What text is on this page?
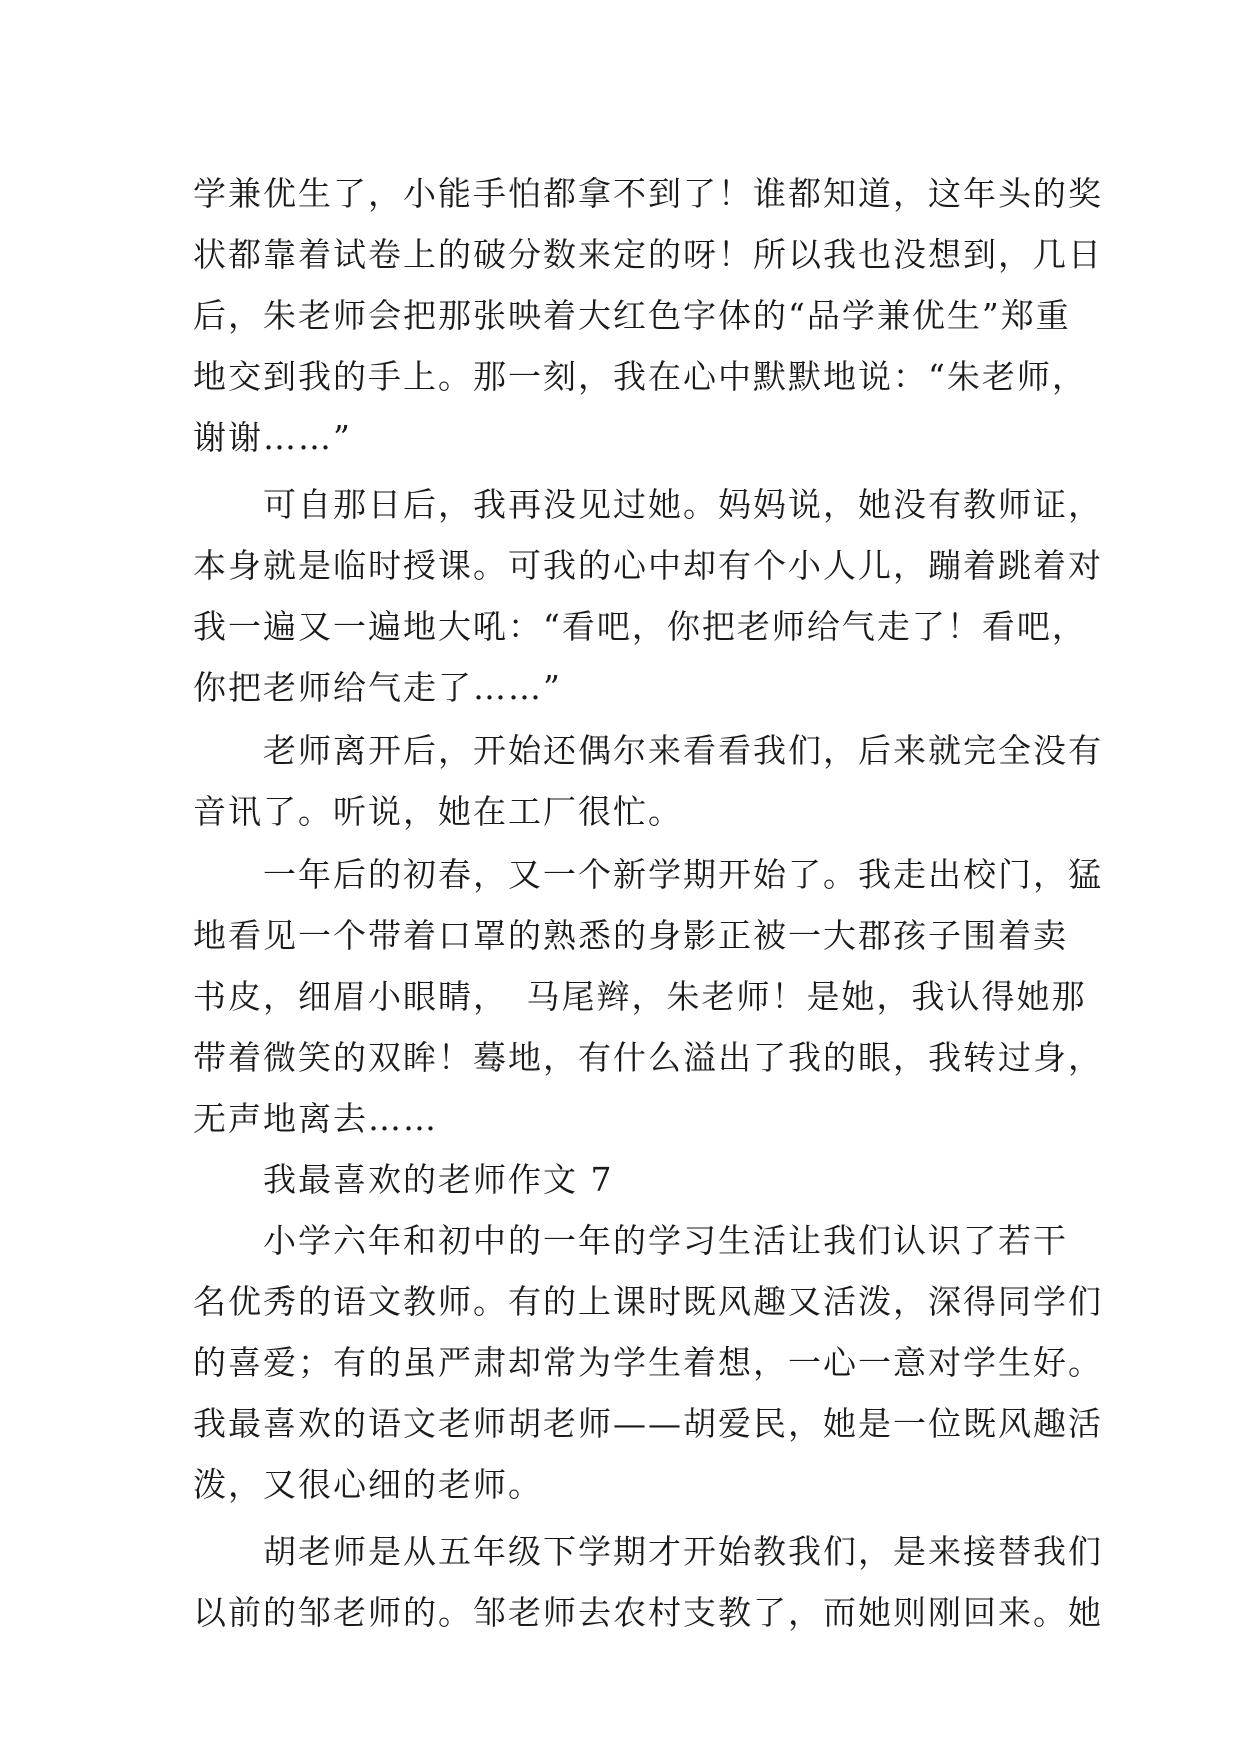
学兼优生了，小能手怕都拿不到了！谁都知道，这年头的奖
状都靠着试卷上的破分数来定的呀！所以我也没想到，几日
后，朱老师会把那张映着大红色字体的“品学兼优生”郑重
地交到我的手上。那一刻，我在心中默默地说：“朱老师，
谢谢……”
　　可自那日后，我再没见过她。妈妈说，她没有教师证，
本身就是临时授课。可我的心中却有个小人儿，蹦着跳着对
我一遍又一遍地大吼：“看吧，你把老师给气走了！看吧，
你把老师给气走了……”
　　老师离开后，开始还偶尔来看看我们，后来就完全没有
音讯了。听说，她在工厂很忙。
　　一年后的初春，又一个新学期开始了。我走出校门，猛
地看见一个带着口罩的熟悉的身影正被一大郡孩子围着卖
书皮，细眉小眼睛，　马尾辫，朱老师！是她，我认得她那
带着微笑的双眸！蓦地，有什么溢出了我的眼，我转过身，
无声地离去……
　　我最喜欢的老师作文 7
　　小学六年和初中的一年的学习生活让我们认识了若干
名优秀的语文教师。有的上课时既风趣又活泼，深得同学们
的喜爱；有的虽严肃却常为学生着想，一心一意对学生好。
我最喜欢的语文老师胡老师——胡爱民，她是一位既风趣活
泼，又很心细的老师。
　　胡老师是从五年级下学期才开始教我们，是来接替我们
以前的邹老师的。邹老师去农村支教了，而她则刚回来。她
